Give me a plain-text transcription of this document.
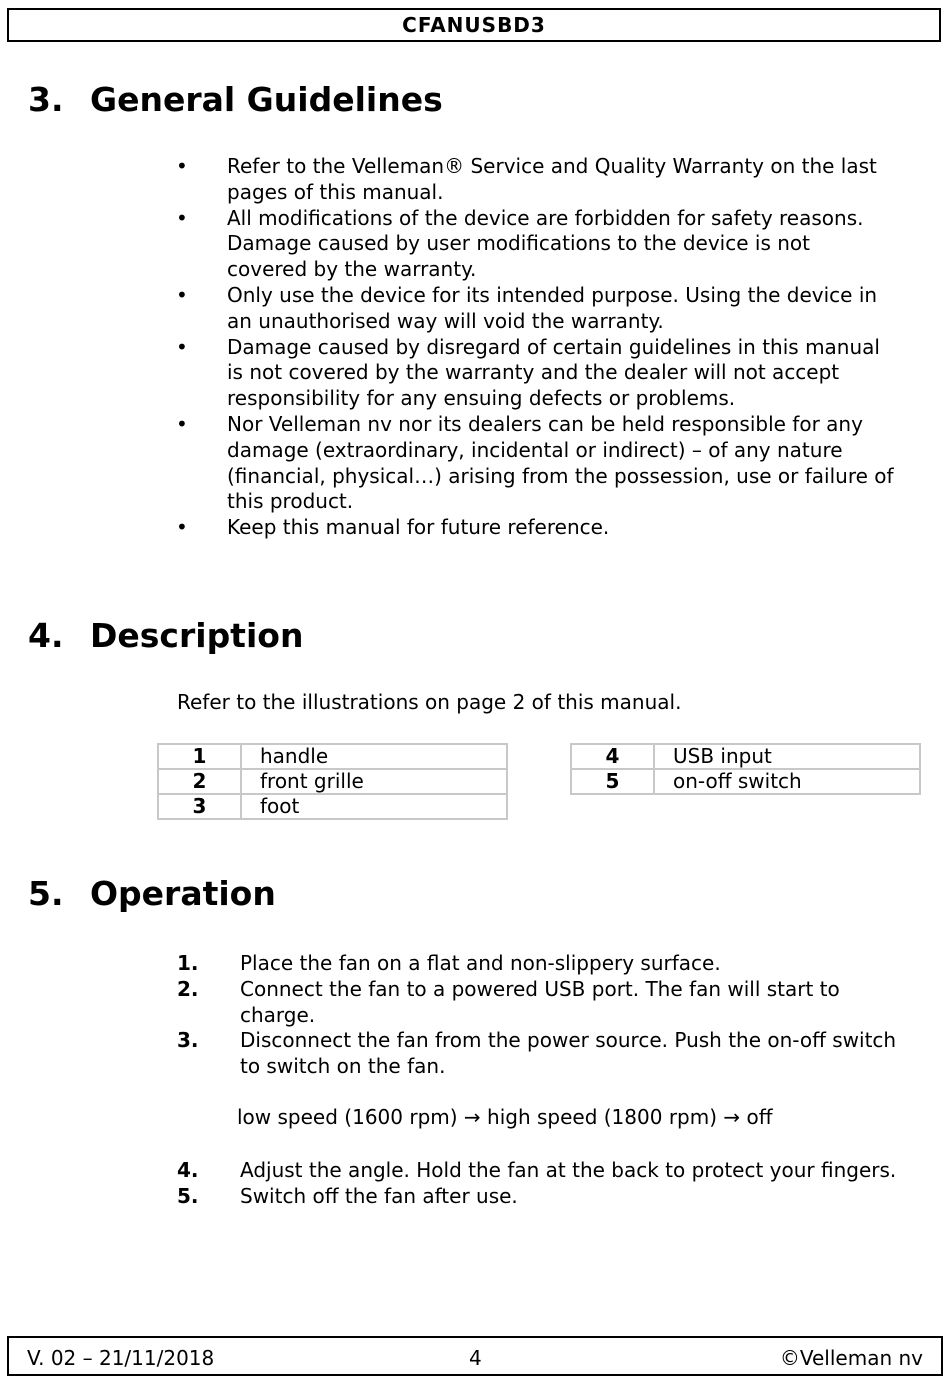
CFANUSBD3
3. General Guidelines
• Refer to the Velleman® Service and Quality Warranty on the last pages of this manual.
• All modifications of the device are forbidden for safety reasons. Damage caused by user modifications to the device is not covered by the warranty.
• Only use the device for its intended purpose. Using the device in an unauthorised way will void the warranty.
• Damage caused by disregard of certain guidelines in this manual is not covered by the warranty and the dealer will not accept responsibility for any ensuing defects or problems.
• Nor Velleman nv nor its dealers can be held responsible for any damage (extraordinary, incidental or indirect) – of any nature (financial, physical…) arising from the possession, use or failure of this product.
• Keep this manual for future reference.
4. Description
Refer to the illustrations on page 2 of this manual.
1	handle
2	front grille
3	foot
4	USB input
5	on-off switch
5. Operation
1. Place the fan on a flat and non-slippery surface.
2. Connect the fan to a powered USB port. The fan will start to charge.
3. Disconnect the fan from the power source. Push the on-off switch to switch on the fan.
low speed (1600 rpm) → high speed (1800 rpm) → off
4. Adjust the angle. Hold the fan at the back to protect your fingers.
5. Switch off the fan after use.
V. 02 – 21/11/2018	4	©Velleman nv
